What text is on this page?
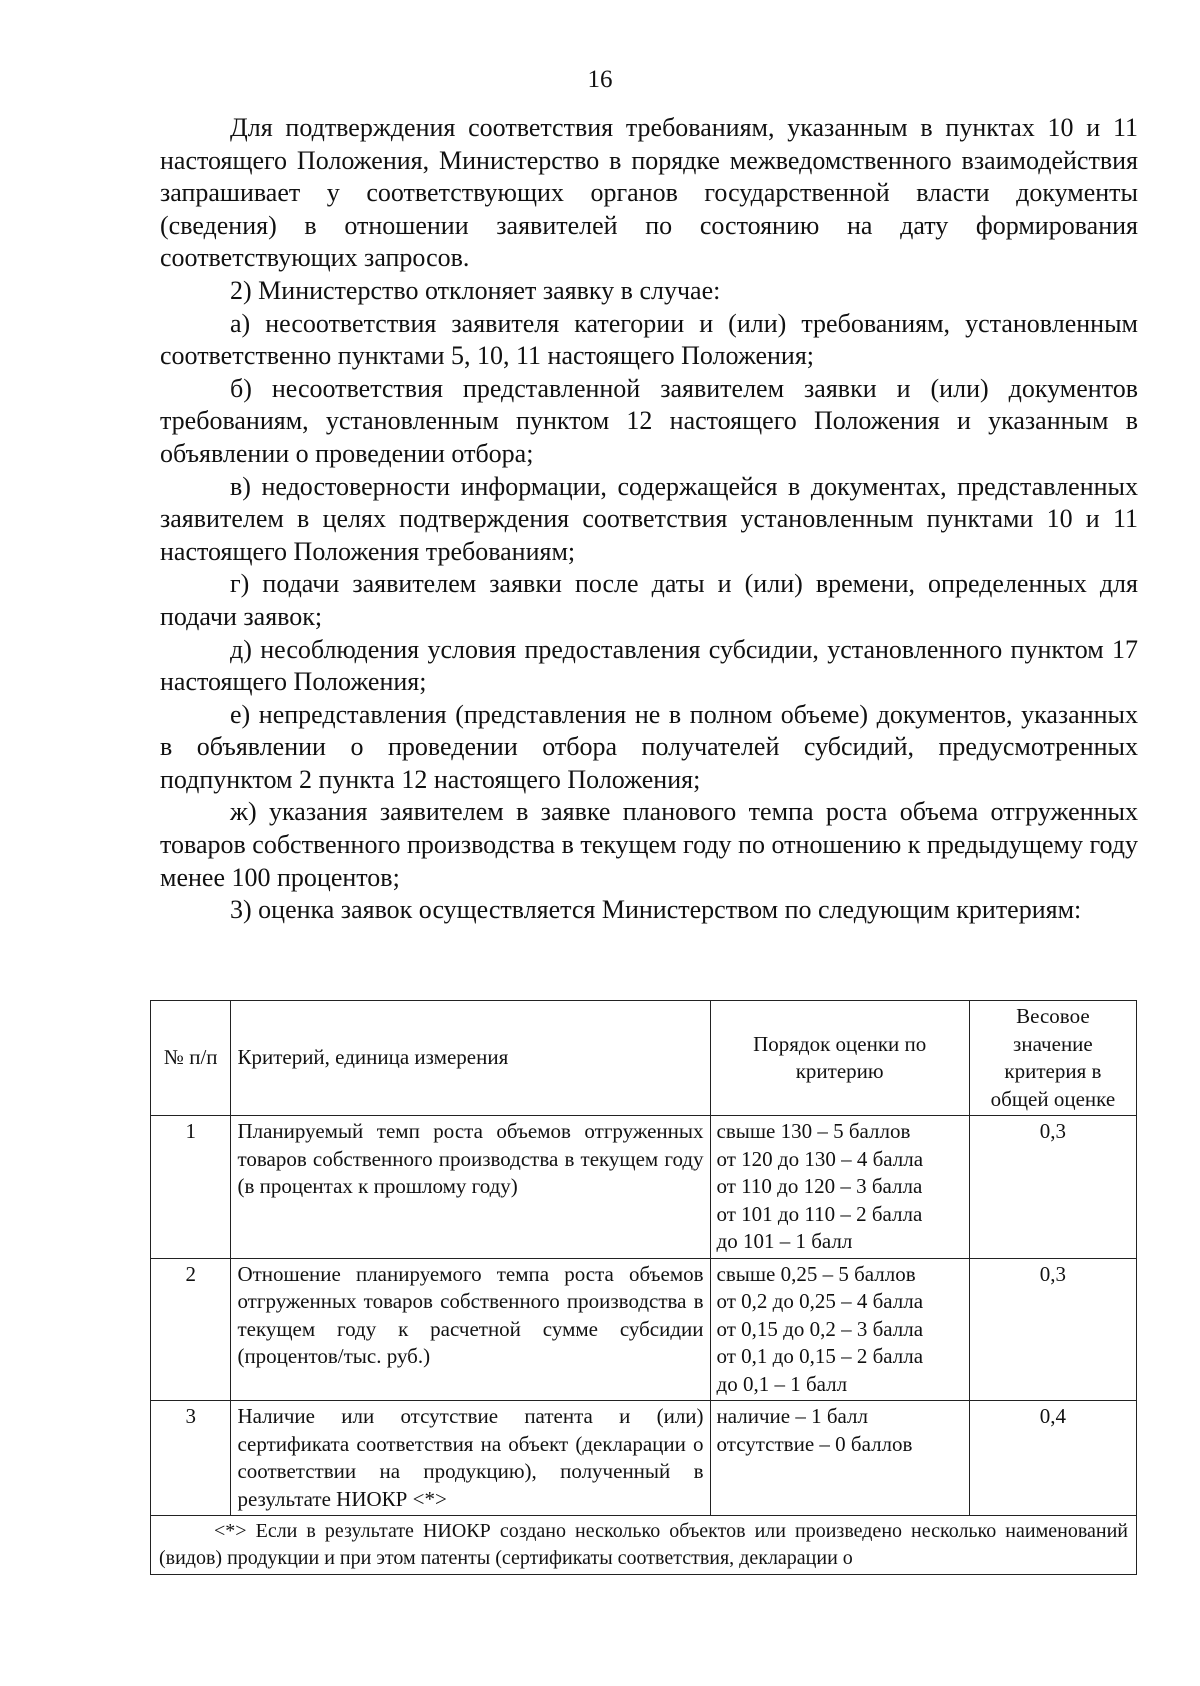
16

Для подтверждения соответствия требованиям, указанным в пунктах 10 и 11 настоящего Положения, Министерство в порядке межведомственного взаимодействия запрашивает у соответствующих органов государственной власти документы (сведения) в отношении заявителей по состоянию на дату формирования соответствующих запросов.

2) Министерство отклоняет заявку в случае:

а) несоответствия заявителя категории и (или) требованиям, установленным соответственно пунктами 5, 10, 11 настоящего Положения;

б) несоответствия представленной заявителем заявки и (или) документов требованиям, установленным пунктом 12 настоящего Положения и указанным в объявлении о проведении отбора;

в) недостоверности информации, содержащейся в документах, представленных заявителем в целях подтверждения соответствия установленным пунктами 10 и 11 настоящего Положения требованиям;

г) подачи заявителем заявки после даты и (или) времени, определенных для подачи заявок;

д) несоблюдения условия предоставления субсидии, установленного пунктом 17 настоящего Положения;

е) непредставления (представления не в полном объеме) документов, указанных в объявлении о проведении отбора получателей субсидий, предусмотренных подпунктом 2 пункта 12 настоящего Положения;

ж) указания заявителем в заявке планового темпа роста объема отгруженных товаров собственного производства в текущем году по отношению к предыдущему году менее 100 процентов;

3) оценка заявок осуществляется Министерством по следующим критериям:

№ п/п	Критерий, единица измерения	Порядок оценки по критерию	Весовое значение критерия в общей оценке
1	Планируемый темп роста объемов отгруженных товаров собственного производства в текущем году (в процентах к прошлому году)	свыше 130 – 5 баллов
от 120 до 130 – 4 балла
от 110 до 120 – 3 балла
от 101 до 110 – 2 балла
до 101 – 1 балл	0,3
2	Отношение планируемого темпа роста объемов отгруженных товаров собственного производства в текущем году к расчетной сумме субсидии (процентов/тыс. руб.)	свыше 0,25 – 5 баллов
от 0,2 до 0,25 – 4 балла
от 0,15 до 0,2 – 3 балла
от 0,1 до 0,15 – 2 балла
до 0,1 – 1 балл	0,3
3	Наличие или отсутствие патента и (или) сертификата соответствия на объект (декларации о соответствии на продукцию), полученный в результате НИОКР <*>	наличие – 1 балл
отсутствие – 0 баллов	0,4
<*> Если в результате НИОКР создано несколько объектов или произведено несколько наименований (видов) продукции и при этом патенты (сертификаты соответствия, декларации о			
